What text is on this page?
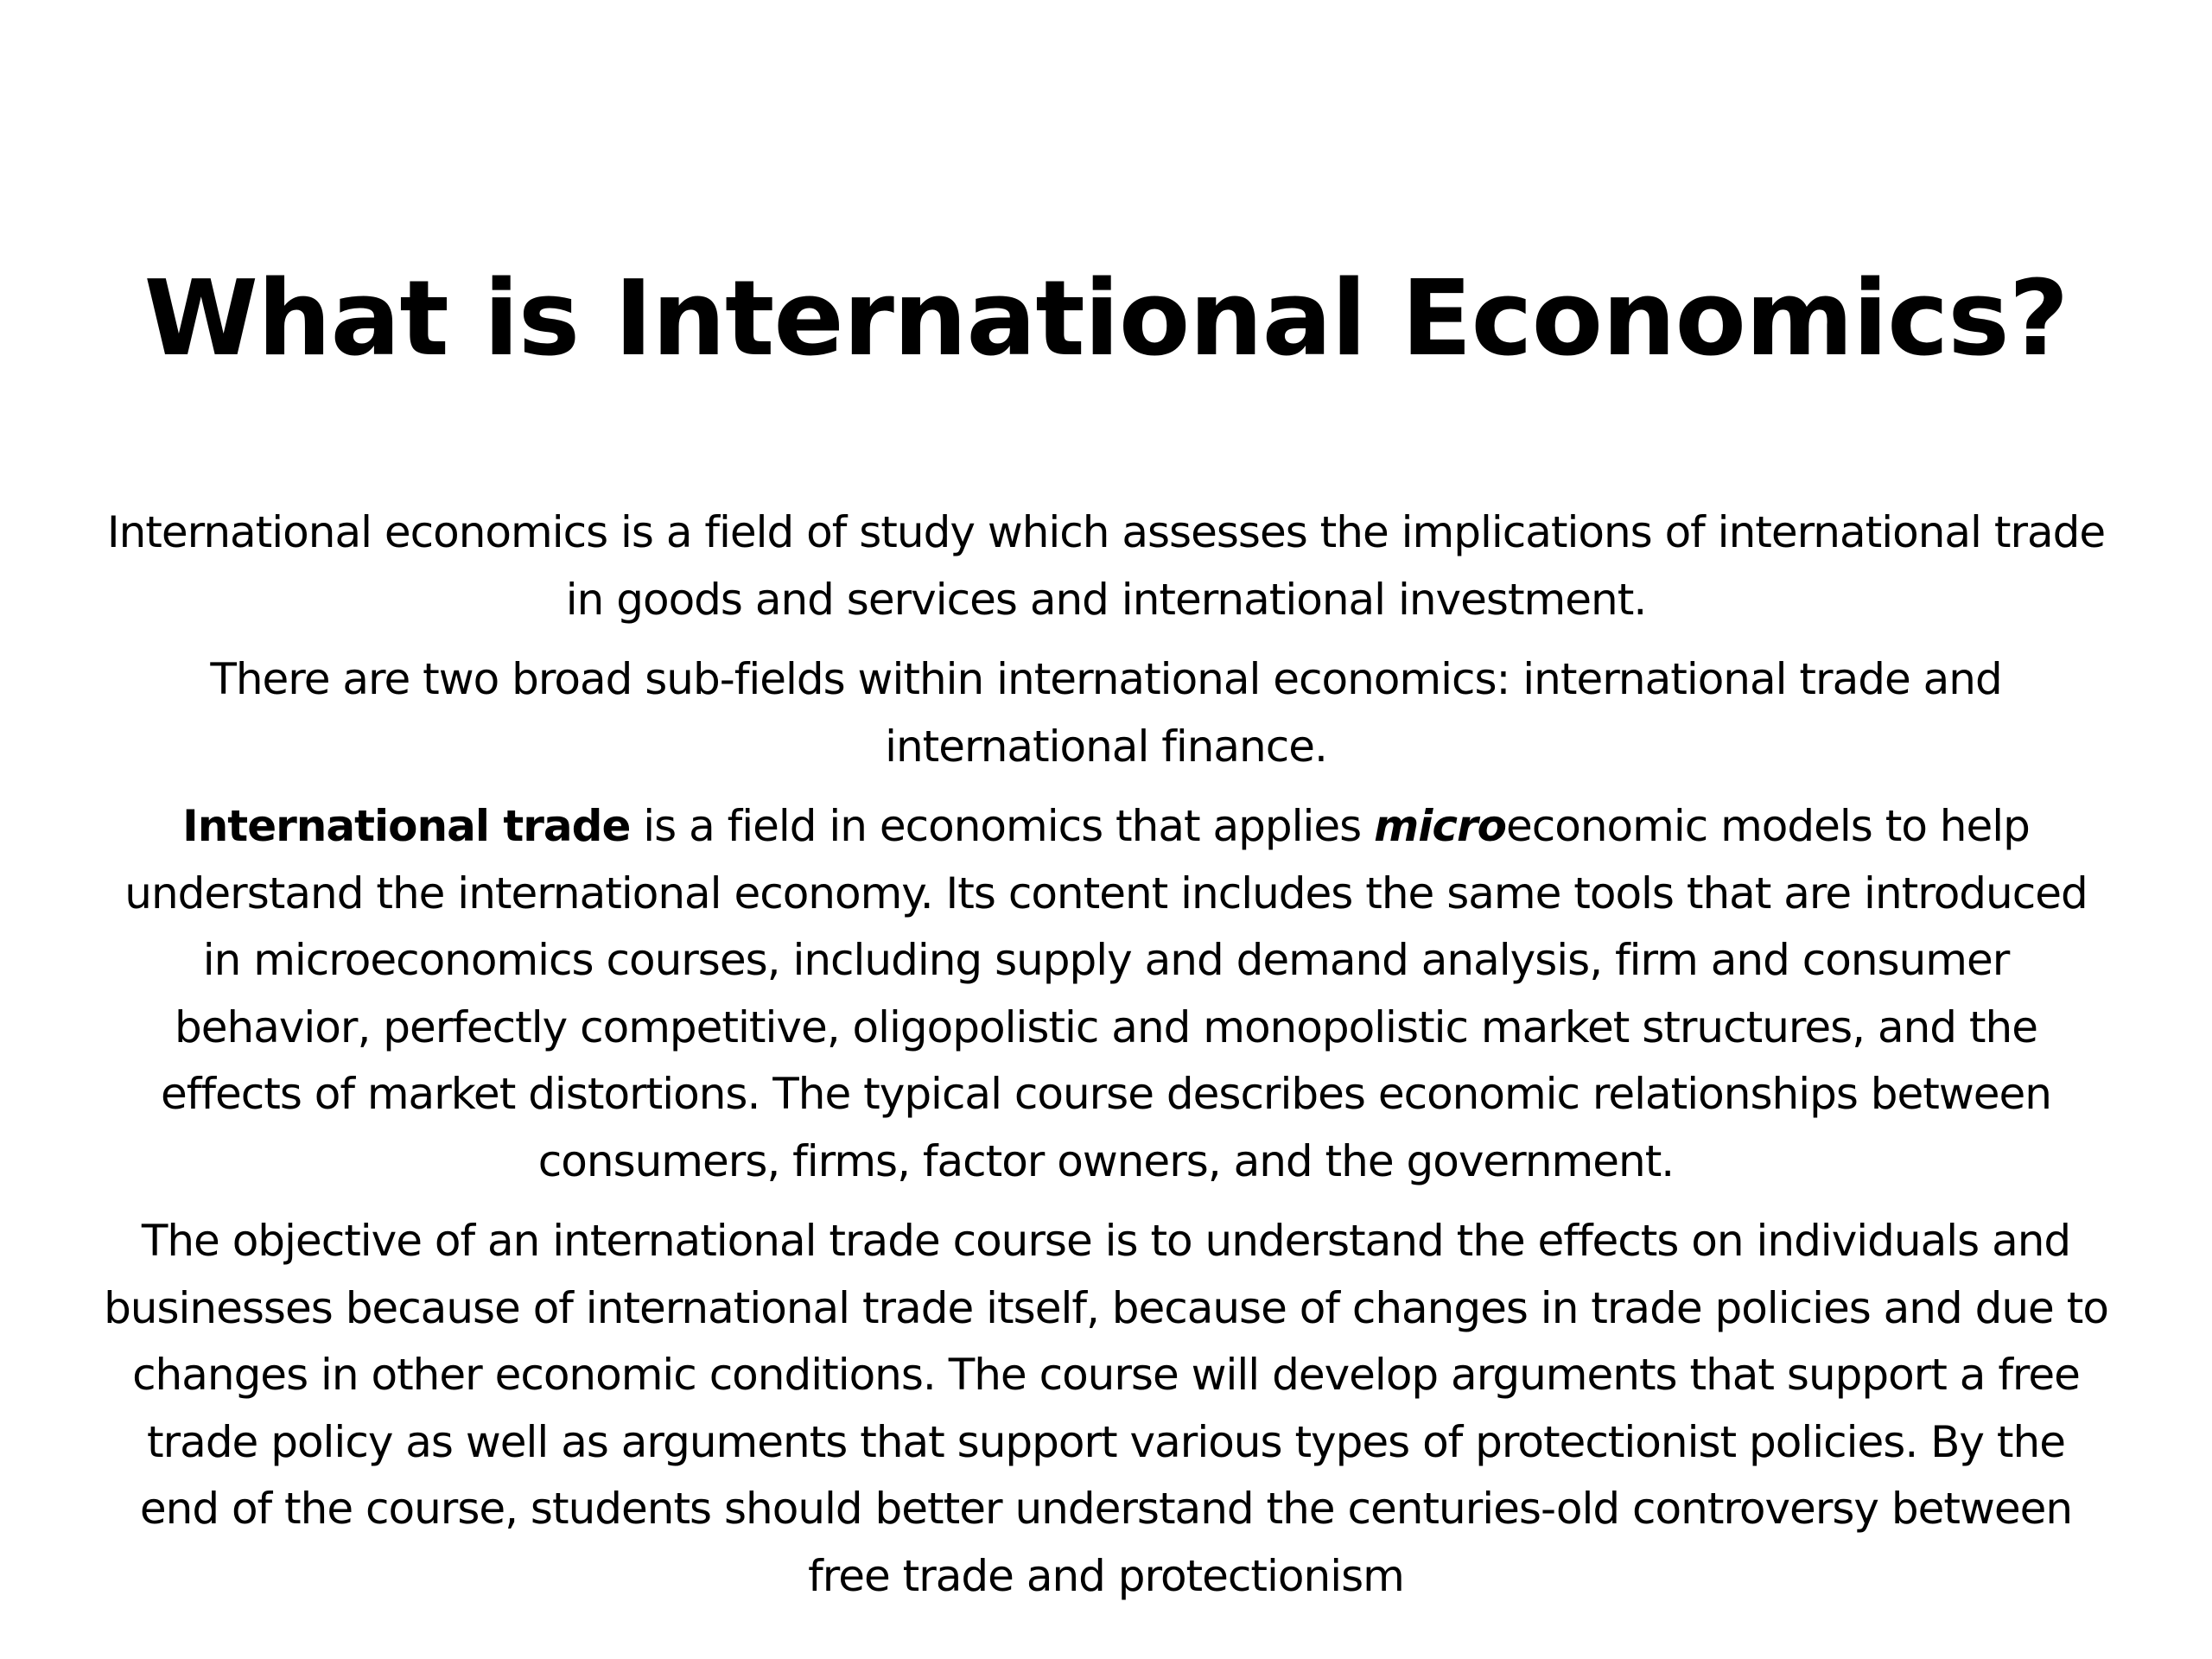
What is International Economics?

International economics is a field of study which assesses the implications of international trade in goods and services and international investment.

There are two broad sub-fields within international economics: international trade and international finance.

International trade is a field in economics that applies microeconomic models to help understand the international economy. Its content includes the same tools that are introduced in microeconomics courses, including supply and demand analysis, firm and consumer behavior, perfectly competitive, oligopolistic and monopolistic market structures, and the effects of market distortions. The typical course describes economic relationships between consumers, firms, factor owners, and the government.

The objective of an international trade course is to understand the effects on individuals and businesses because of international trade itself, because of changes in trade policies and due to changes in other economic conditions. The course will develop arguments that support a free trade policy as well as arguments that support various types of protectionist policies. By the end of the course, students should better understand the centuries-old controversy between free trade and protectionism
